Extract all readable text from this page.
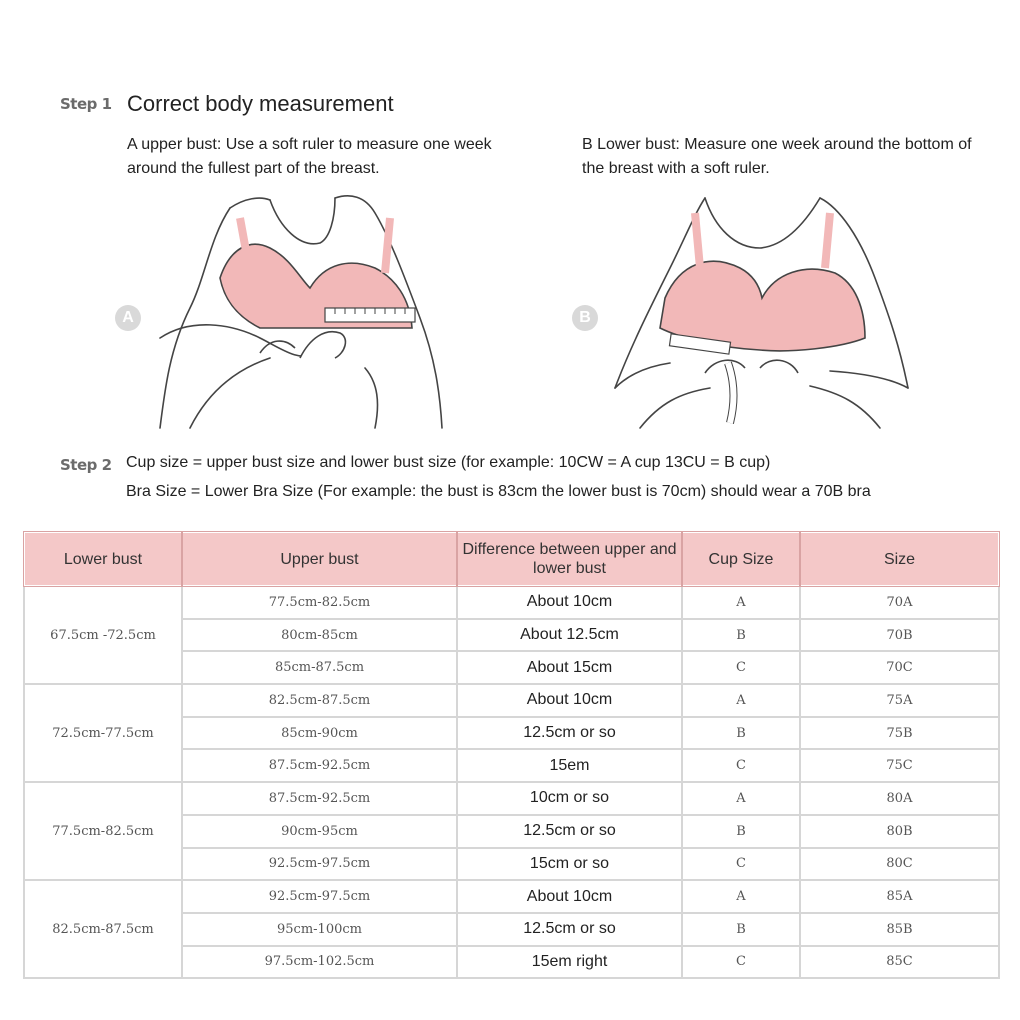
Step 1 Correct body measurement
A upper bust: Use a soft ruler to measure one week around the fullest part of the breast.
B Lower bust: Measure one week around the bottom of the breast with a soft ruler.
A	B
Step 2 Cup size = upper bust size and lower bust size (for example: 10CW = A cup 13CU = B cup)
Bra Size = Lower Bra Size (For example: the bust is 83cm the lower bust is 70cm) should wear a 70B bra
Lower bust	Upper bust	Difference between upper and lower bust	Cup Size	Size
67.5cm -72.5cm	77.5cm-82.5cm	About 10cm	A	70A
	80cm-85cm	About 12.5cm	B	70B
	85cm-87.5cm	About 15cm	C	70C
72.5cm-77.5cm	82.5cm-87.5cm	About 10cm	A	75A
	85cm-90cm	12.5cm or so	B	75B
	87.5cm-92.5cm	15em	C	75C
77.5cm-82.5cm	87.5cm-92.5cm	10cm or so	A	80A
	90cm-95cm	12.5cm or so	B	80B
	92.5cm-97.5cm	15cm or so	C	80C
82.5cm-87.5cm	92.5cm-97.5cm	About 10cm	A	85A
	95cm-100cm	12.5cm or so	B	85B
	97.5cm-102.5cm	15em right	C	85C
